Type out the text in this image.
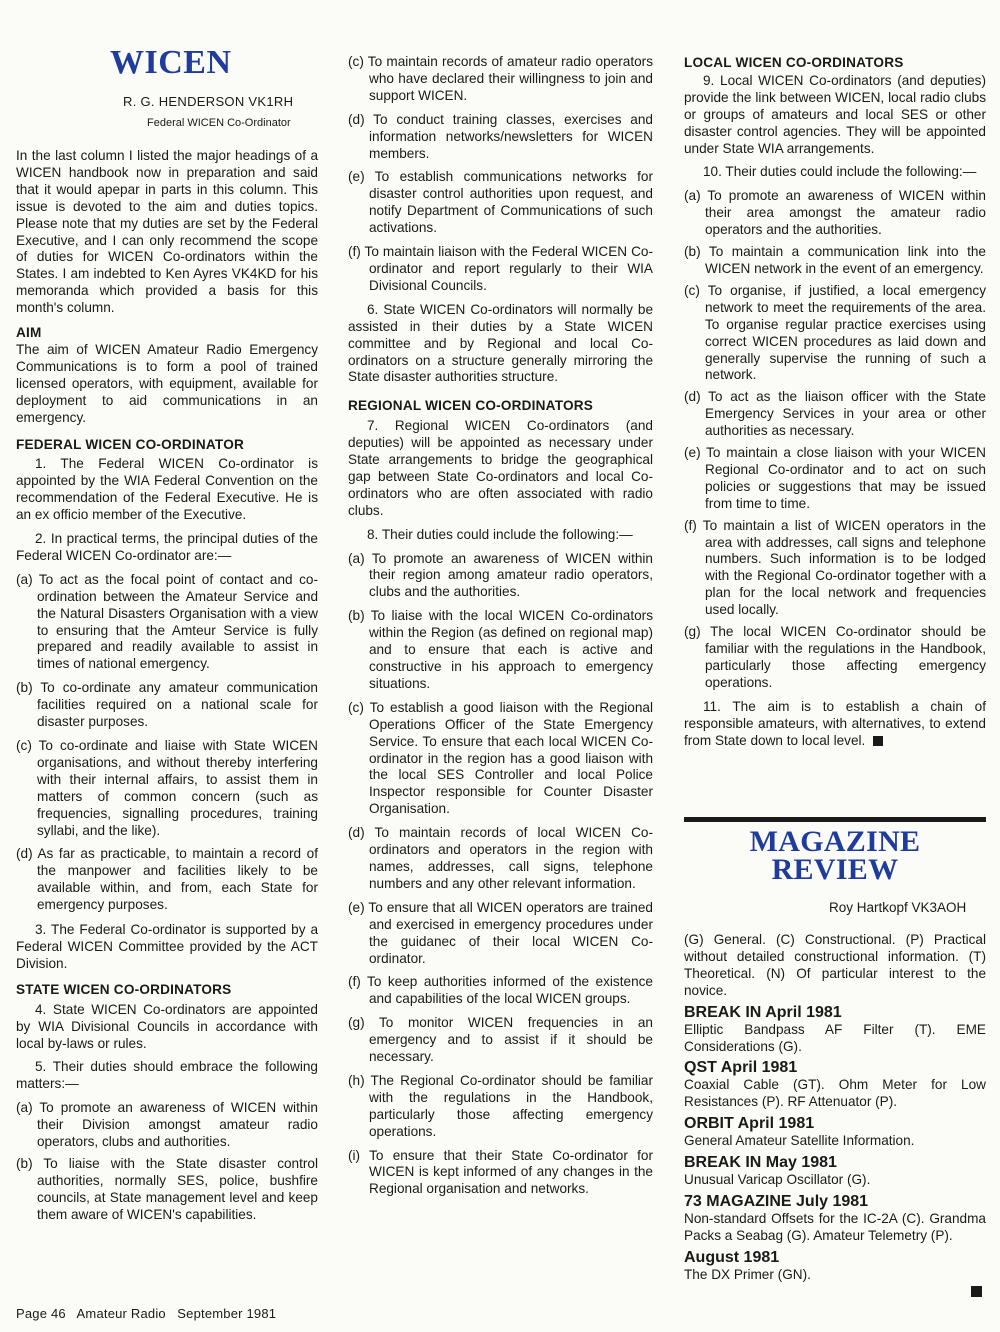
WICEN

R. G. HENDERSON VK1RH

Federal WICEN Co-Ordinator

In the last column I listed the major headings of a WICEN handbook now in preparation and said that it would apepar in parts in this column. This issue is devoted to the aim and duties topics. Please note that my duties are set by the Federal Executive, and I can only recommend the scope of duties for WICEN Co-ordinators within the States. I am indebted to Ken Ayres VK4KD for his memoranda which provided a basis for this month's column.

AIM

The aim of WICEN Amateur Radio Emergency Communications is to form a pool of trained licensed operators, with equipment, available for deployment to aid communications in an emergency.

FEDERAL WICEN CO-ORDINATOR

1. The Federal WICEN Co-ordinator is appointed by the WIA Federal Convention on the recommendation of the Federal Executive. He is an ex officio member of the Executive.

2. In practical terms, the principal duties of the Federal WICEN Co-ordinator are:—

(a) To act as the focal point of contact and co-ordination between the Amateur Service and the Natural Disasters Organisation with a view to ensuring that the Amteur Service is fully prepared and readily available to assist in times of national emergency.
(b) To co-ordinate any amateur communication facilities required on a national scale for disaster purposes.
(c) To co-ordinate and liaise with State WICEN organisations, and without thereby interfering with their internal affairs, to assist them in matters of common concern (such as frequencies, signalling procedures, training syllabi, and the like).
(d) As far as practicable, to maintain a record of the manpower and facilities likely to be available within, and from, each State for emergency purposes.

3. The Federal Co-ordinator is supported by a Federal WICEN Committee provided by the ACT Division.

STATE WICEN CO-ORDINATORS

4. State WICEN Co-ordinators are appointed by WIA Divisional Councils in accordance with local by-laws or rules.

5. Their duties should embrace the following matters:—

(a) To promote an awareness of WICEN within their Division amongst amateur radio operators, clubs and authorities.
(b) To liaise with the State disaster control authorities, normally SES, police, bushfire councils, at State management level and keep them aware of WICEN's capabilities.
(c) To maintain records of amateur radio operators who have declared their willingness to join and support WICEN.
(d) To conduct training classes, exercises and information networks/newsletters for WICEN members.
(e) To establish communications networks for disaster control authorities upon request, and notify Department of Communications of such activations.
(f) To maintain liaison with the Federal WICEN Co-ordinator and report regularly to their WIA Divisional Councils.

6. State WICEN Co-ordinators will normally be assisted in their duties by a State WICEN committee and by Regional and local Co-ordinators on a structure generally mirroring the State disaster authorities structure.

REGIONAL WICEN CO-ORDINATORS

7. Regional WICEN Co-ordinators (and deputies) will be appointed as necessary under State arrangements to bridge the geographical gap between State Co-ordinators and local Co-ordinators who are often associated with radio clubs.

8. Their duties could include the following:—

(a) To promote an awareness of WICEN within their region among amateur radio operators, clubs and the authorities.
(b) To liaise with the local WICEN Co-ordinators within the Region (as defined on regional map) and to ensure that each is active and constructive in his approach to emergency situations.
(c) To establish a good liaison with the Regional Operations Officer of the State Emergency Service. To ensure that each local WICEN Co-ordinator in the region has a good liaison with the local SES Controller and local Police Inspector responsible for Counter Disaster Organisation.
(d) To maintain records of local WICEN Co-ordinators and operators in the region with names, addresses, call signs, telephone numbers and any other relevant information.
(e) To ensure that all WICEN operators are trained and exercised in emergency procedures under the guidanec of their local WICEN Co-ordinator.
(f) To keep authorities informed of the existence and capabilities of the local WICEN groups.
(g) To monitor WICEN frequencies in an emergency and to assist if it should be necessary.
(h) The Regional Co-ordinator should be familiar with the regulations in the Handbook, particularly those affecting emergency operations.
(i) To ensure that their State Co-ordinator for WICEN is kept informed of any changes in the Regional organisation and networks.
LOCAL WICEN CO-ORDINATORS

9. Local WICEN Co-ordinators (and deputies) provide the link between WICEN, local radio clubs or groups of amateurs and local SES or other disaster control agencies. They will be appointed under State WIA arrangements.

10. Their duties could include the following:—

(a) To promote an awareness of WICEN within their area amongst the amateur radio operators and the authorities.
(b) To maintain a communication link into the WICEN network in the event of an emergency.
(c) To organise, if justified, a local emergency network to meet the requirements of the area. To organise regular practice exercises using correct WICEN procedures as laid down and generally supervise the running of such a network.
(d) To act as the liaison officer with the State Emergency Services in your area or other authorities as necessary.
(e) To maintain a close liaison with your WICEN Regional Co-ordinator and to act on such policies or suggestions that may be issued from time to time.
(f) To maintain a list of WICEN operators in the area with addresses, call signs and telephone numbers. Such information is to be lodged with the Regional Co-ordinator together with a plan for the local network and frequencies used locally.
(g) The local WICEN Co-ordinator should be familiar with the regulations in the Handbook, particularly those affecting emergency operations.

11. The aim is to establish a chain of responsible amateurs, with alternatives, to extend from State down to local level.

MAGAZINE
REVIEW

Roy Hartkopf VK3AOH

(G) General. (C) Constructional. (P) Practical without detailed constructional information. (T) Theoretical. (N) Of particular interest to the novice.

BREAK IN April 1981

Elliptic Bandpass AF Filter (T). EME Considerations (G).

QST April 1981

Coaxial Cable (GT). Ohm Meter for Low Resistances (P). RF Attenuator (P).

ORBIT April 1981

General Amateur Satellite Information.

BREAK IN May 1981

Unusual Varicap Oscillator (G).

73 MAGAZINE July 1981

Non-standard Offsets for the IC-2A (C). Grandma Packs a Seabag (G). Amateur Telemetry (P).

August 1981

The DX Primer (GN).

Page 46   Amateur Radio   September 1981
